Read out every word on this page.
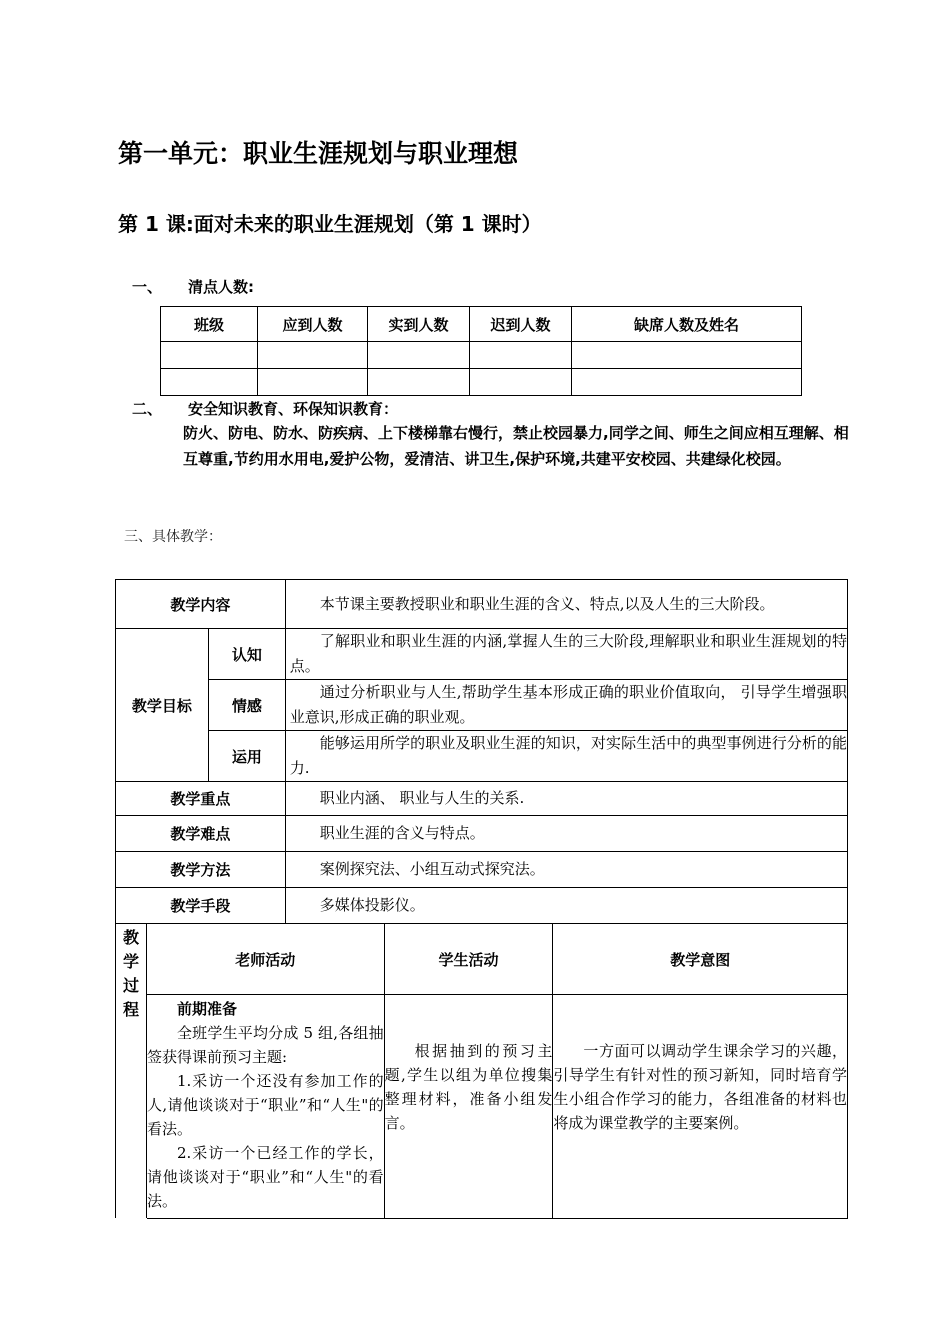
第一单元：职业生涯规划与职业理想
第 1 课:面对未来的职业生涯规划（第 1 课时）
一、 清点人数:
班级	应到人数	实到人数	迟到人数	缺席人数及姓名

二、 安全知识教育、环保知识教育：
防火、防电、防水、防疾病、上下楼梯靠右慢行，禁止校园暴力,同学之间、师生之间应相互理解、相互尊重,节约用水用电,爱护公物，爱清洁、讲卫生,保护环境,共建平安校园、共建绿化校园。
三、具体教学：
教学内容			本节课主要教授职业和职业生涯的含义、特点,以及人生的三大阶段。		
教学目标		认知	了解职业和职业生涯的内涵,掌握人生的三大阶段,理解职业和职业生涯规划的特点。		

		情感	通过分析职业与人生,帮助学生基本形成正确的职业价值取向， 引导学生增强职业意识,形成正确的职业观。		

		运用	能够运用所学的职业及职业生涯的知识，对实际生活中的典型事例进行分析的能力.		

教学重点			职业内涵、 职业与人生的关系.		
教学难点			职业生涯的含义与特点。		
教学方法			案例探究法、小组互动式探究法。		
教学手段			多媒体投影仪。		

教
学
过
程	老师活动			学生活动	教学意图

	前期准备

全班学生平均分成 5 组,各组抽签获得课前预习主题:

1.采访一个还没有参加工作的人,请他谈谈对于“职业”和“人生"的看法。

2.采访一个已经工作的学长，请他谈谈对于“职业”和“人生"的看法。			根据抽到的预习主题,学生以组为单位搜集整理材料，准备小组发言。	一方面可以调动学生课余学习的兴趣，引导学生有针对性的预习新知，同时培育学生小组合作学习的能力，各组准备的材料也将成为课堂教学的主要案例。
